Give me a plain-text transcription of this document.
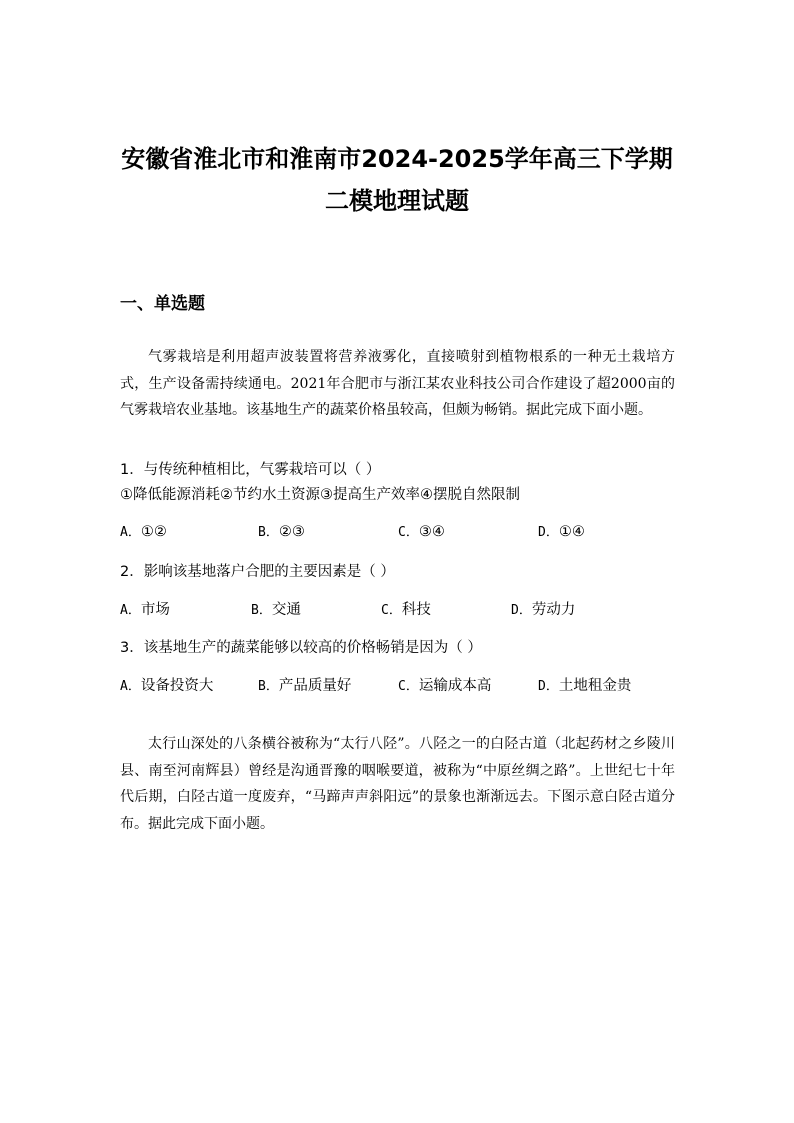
安徽省淮北市和淮南市2024-2025学年高三下学期
二模地理试题
一、单选题

气雾栽培是利用超声波装置将营养液雾化，直接喷射到植物根系的一种无土栽培方式，生产设备需持续通电。2021年合肥市与浙江某农业科技公司合作建设了超2000亩的气雾栽培农业基地。该基地生产的蔬菜价格虽较高，但颇为畅销。据此完成下面小题。

1．与传统种植相比，气雾栽培可以（ ）
①降低能源消耗②节约水土资源③提高生产效率④摆脱自然限制
A．①②	B．②③	C．③④	D．①④
2．影响该基地落户合肥的主要因素是（ ）
A．市场	B．交通	C．科技	D．劳动力
3．该基地生产的蔬菜能够以较高的价格畅销是因为（ ）
A．设备投资大	B．产品质量好	C．运输成本高	D．土地租金贵

太行山深处的八条横谷被称为“太行八陉”。八陉之一的白陉古道（北起药材之乡陵川县、南至河南辉县）曾经是沟通晋豫的咽喉要道，被称为“中原丝绸之路”。上世纪七十年代后期，白陉古道一度废弃，“马蹄声声斜阳远”的景象也渐渐远去。下图示意白陉古道分布。据此完成下面小题。
